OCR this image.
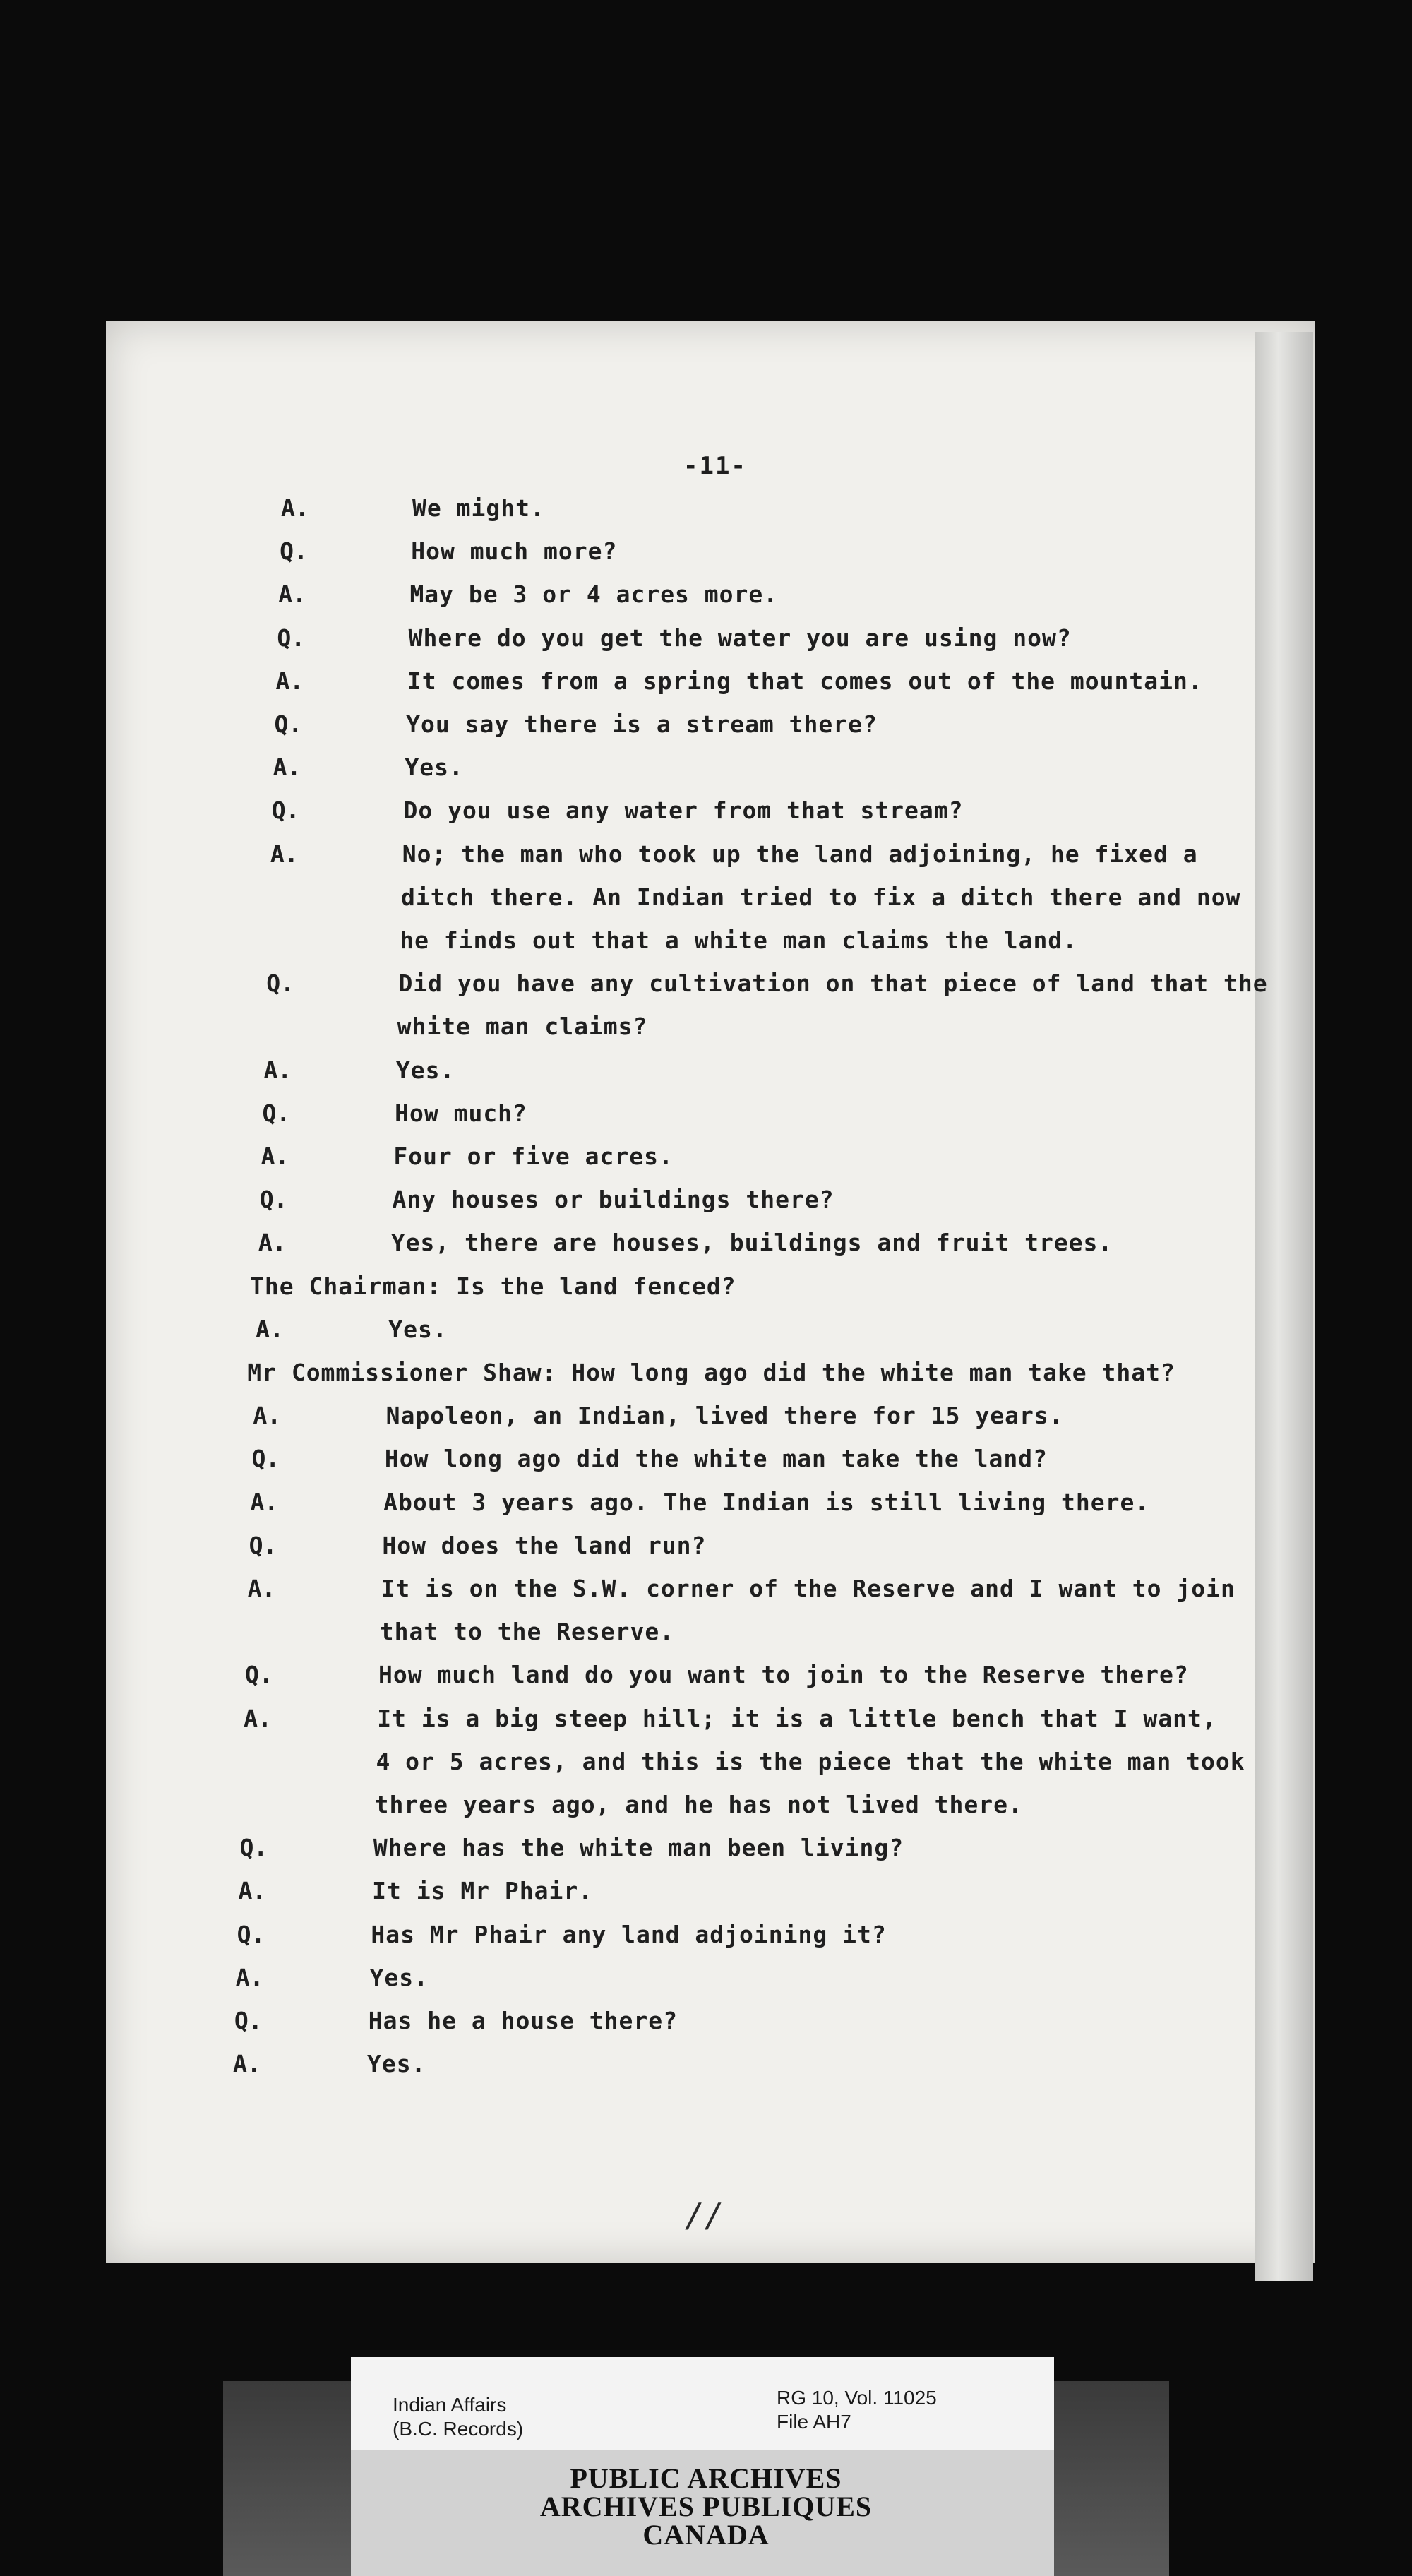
-11-
A.	We might.
Q.	How much more?
A.	May be 3 or 4 acres more.
Q.	Where do you get the water you are using now?
A.	It comes from a spring that comes out of the mountain.
Q.	You say there is a stream there?
A.	Yes.
Q.	Do you use any water from that stream?
A.	No; the man who took up the land adjoining, he fixed a
ditch there. An Indian tried to fix a ditch there and now
he finds out that a white man claims the land.
Q.	Did you have any cultivation on that piece of land that the
white man claims?
A.	Yes.
Q.	How much?
A.	Four or five acres.
Q.	Any houses or buildings there?
A.	Yes, there are houses, buildings and fruit trees.
The Chairman: Is the land fenced?
A.	Yes.
Mr Commissioner Shaw: How long ago did the white man take that?
A.	Napoleon, an Indian, lived there for 15 years.
Q.	How long ago did the white man take the land?
A.	About 3 years ago. The Indian is still living there.
Q.	How does the land run?
A.	It is on the S.W. corner of the Reserve and I want to join
that to the Reserve.
Q.	How much land do you want to join to the Reserve there?
A.	It is a big steep hill; it is a little bench that I want,
4 or 5 acres, and this is the piece that the white man took
three years ago, and he has not lived there.
Q.	Where has the white man been living?
A.	It is Mr Phair.
Q.	Has Mr Phair any land adjoining it?
A.	Yes.
Q.	Has he a house there?
A.	Yes.
//
Indian Affairs
(B.C. Records)
RG 10, Vol. 11025
File AH7
PUBLIC ARCHIVES
ARCHIVES PUBLIQUES
CANADA
